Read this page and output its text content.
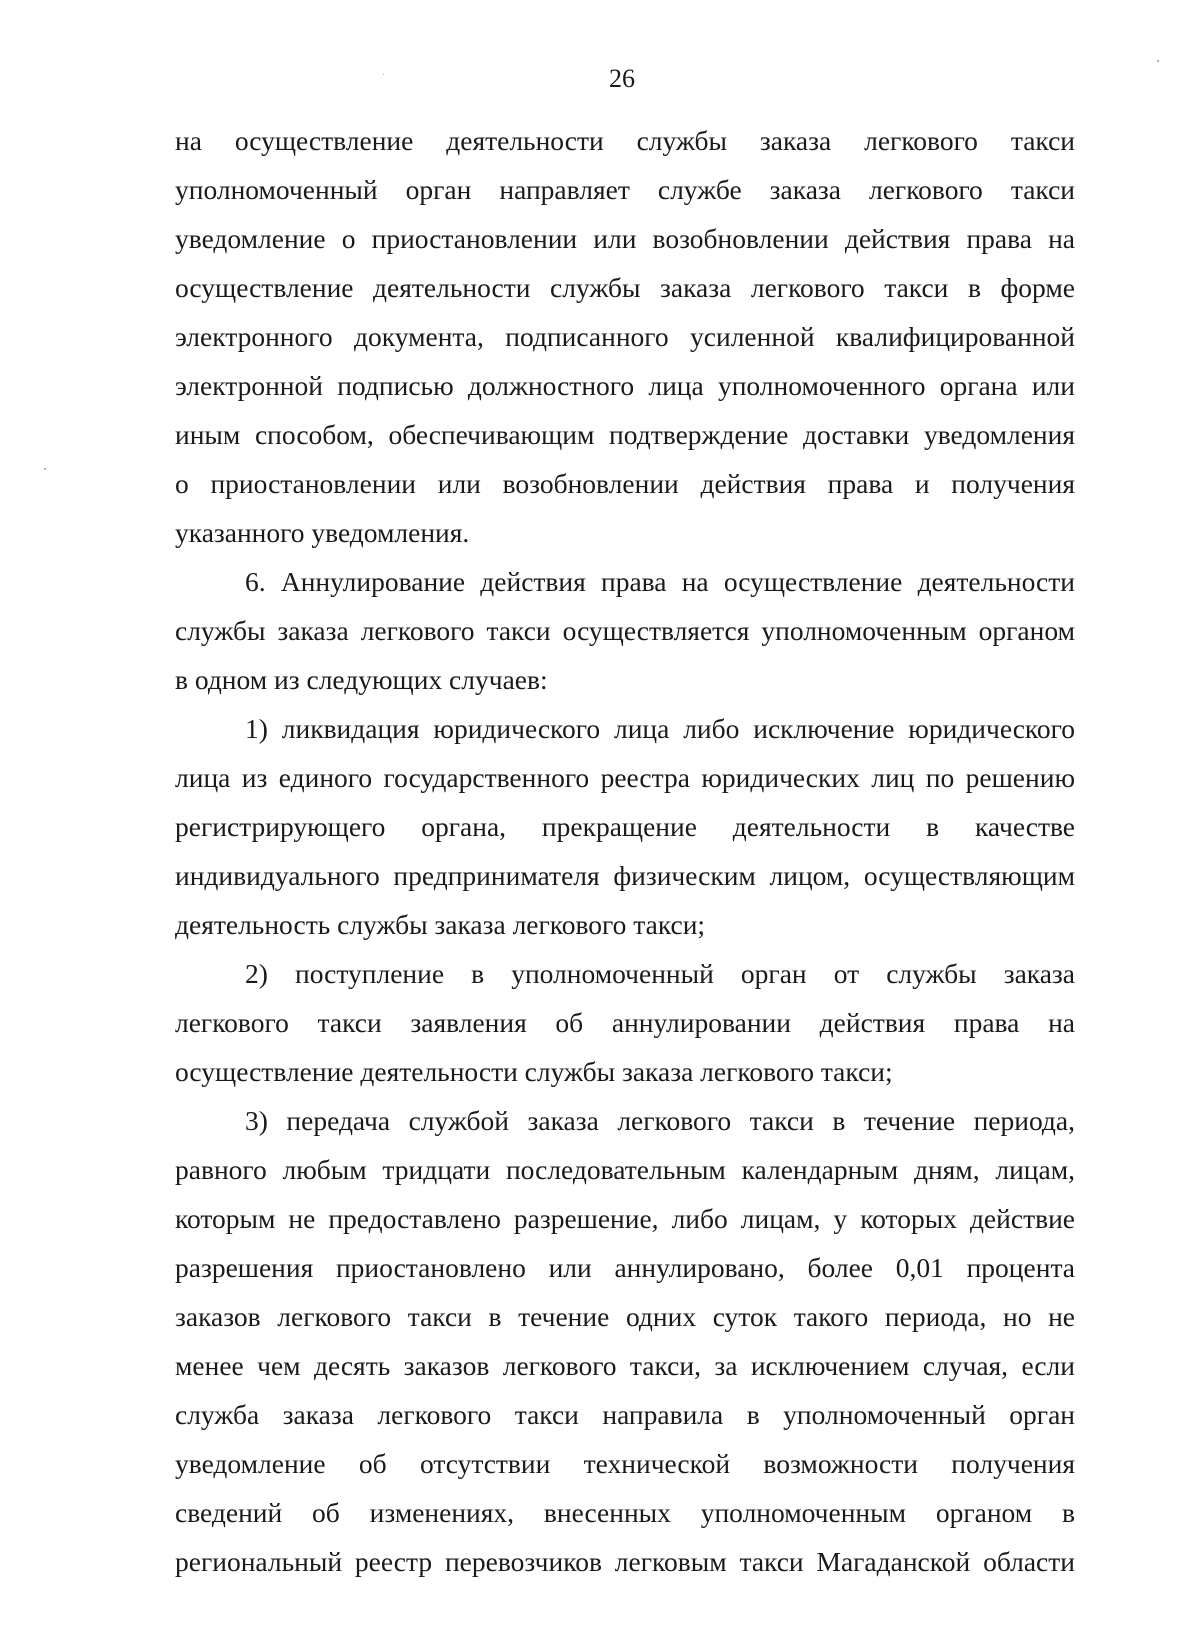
26
на осуществление деятельности службы заказа легкового такси
уполномоченный орган направляет службе заказа легкового такси
уведомление о приостановлении или возобновлении действия права на
осуществление деятельности службы заказа легкового такси в форме
электронного документа, подписанного усиленной квалифицированной
электронной подписью должностного лица уполномоченного органа или
иным способом, обеспечивающим подтверждение доставки уведомления
о приостановлении или возобновлении действия права и получения
указанного уведомления.
6. Аннулирование действия права на осуществление деятельности
службы заказа легкового такси осуществляется уполномоченным органом
в одном из следующих случаев:
1) ликвидация юридического лица либо исключение юридического
лица из единого государственного реестра юридических лиц по решению
регистрирующего органа, прекращение деятельности в качестве
индивидуального предпринимателя физическим лицом, осуществляющим
деятельность службы заказа легкового такси;
2) поступление в уполномоченный орган от службы заказа
легкового такси заявления об аннулировании действия права на
осуществление деятельности службы заказа легкового такси;
3) передача службой заказа легкового такси в течение периода,
равного любым тридцати последовательным календарным дням, лицам,
которым не предоставлено разрешение, либо лицам, у которых действие
разрешения приостановлено или аннулировано, более 0,01 процента
заказов легкового такси в течение одних суток такого периода, но не
менее чем десять заказов легкового такси, за исключением случая, если
служба заказа легкового такси направила в уполномоченный орган
уведомление об отсутствии технической возможности получения
сведений об изменениях, внесенных уполномоченным органом в
региональный реестр перевозчиков легковым такси Магаданской области
